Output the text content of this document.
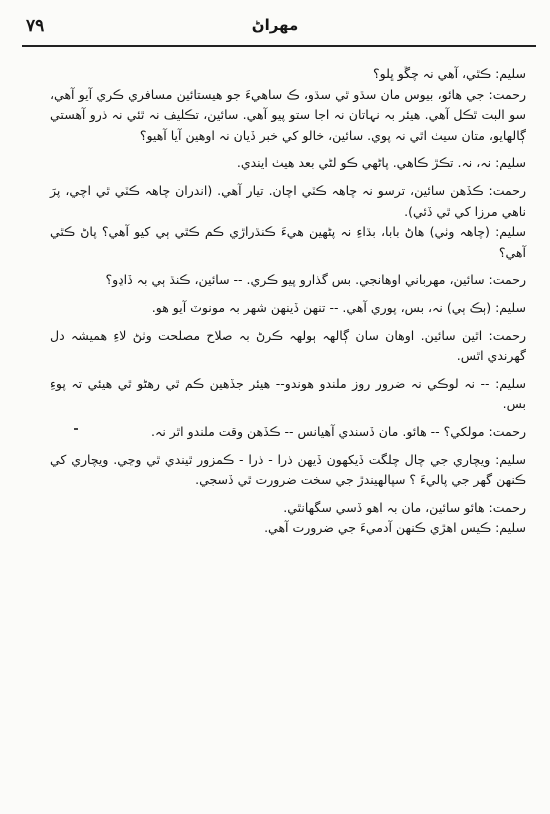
٧٩	مهراڻ

سليم: ڪٿي، آهي نہ چڱو ڀلو؟

رحمت: جي هائو، بيوس مان سڌو ٿي سڌو، ڪ ساهيءَ جو هيستائين مسافري ڪري آيو آهي، سو البت ٿڪل آهي. هيئر بہ نہاتان نہ اجا ستو پيو آهي. سائين، تڪليف نہ ٿئي نہ ذرو آهستي ڳالهايو، متان سيٺ اٿي نہ پوي. سائين، خالو کي خبر ڏيان نہ اوهين آيا آهيو؟

سليم: نہ، نہ. تڪڙ ڪاهي. پاڻهي ڪو لڻي بعد هيٺ ايندي.

رحمت: ڪڏهن سائين، ترسو نہ چاهہ ڪٽي اچان. تيار آهي. (اندران چاهہ ڪٽي ٿي اچي، پرَ ناهي مرزا کي ٿي ڏئي).

سليم: (چاهہ وٺي) هاڻ بابا، بڌاءِ نہ پڻهين هيءَ ڪنڌراڙي ڪم ڪٿي ٻي کيو آهي؟ پاڻ ڪٿي آهي؟

رحمت: سائين، مهرباني اوهانجي. بس گذارو پيو ڪري. -- سائين، ڪنڌ ٻي بہ ڏاڍو؟

سليم: (ٻڪ ٻي) نہ، بس، پوري آهي. -- تنهن ڏينهن شهر بہ مونوٽ آيو هو.

رحمت: اٿين سائين. اوهان سان ڳالهہ ٻولهہ ڪرڻ بہ صلاح مصلحت وٺڻ لاءِ هميشہ دل گهرندي اٿس.

سليم: -- نہ لوڪي نہ ضرور روز ملندو هوندو-- هيئر جڏهين ڪم ٿي رهڻو ٿي هيئي تہ پوءِ بس.

رحمت: مولکي؟ -- هائو. مان ڏسندي آهيانس -- ڪڏهن وقت ملندو اٿر نہ.

سليم: ويچاري جي چال چلگت ڏيکهون ڏيهن ذرا - ذرا - ڪمزور ٿيندي ٿي وڃي. ويچاري کي ڪنهن گهر جي پاليءَ ؟ سپالهيندڙ جي سخت ضرورت ٿي ڏسجي.

رحمت: هائو سائين، مان بہ اهو ڏسي سگهانٿي.

سليم: ڪيس اهڙي ڪنهن آدميءَ جي ضرورت آهي.
